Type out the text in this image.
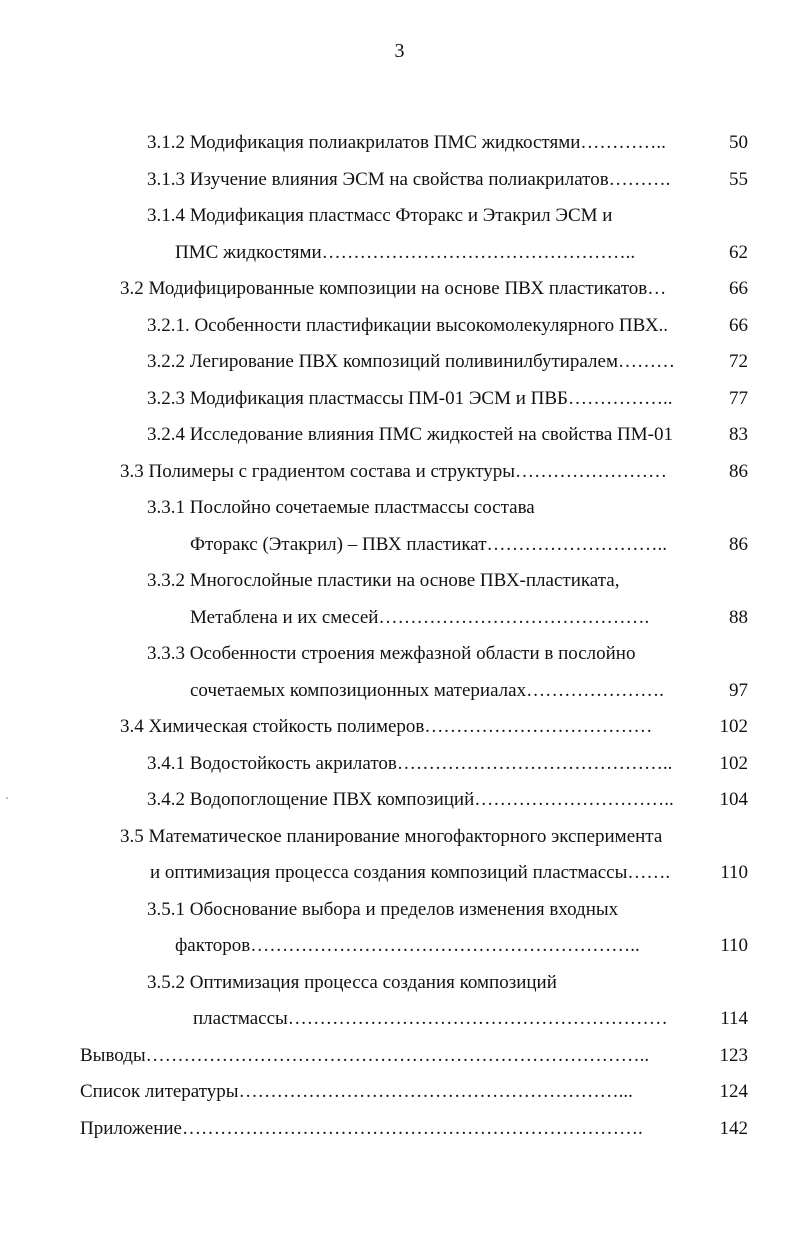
3
3.1.2 Модификация полиакрилатов ПМС жидкостями…………..	50
3.1.3 Изучение влияния ЭСМ на свойства полиакрилатов……….	55
3.1.4 Модификация пластмасс Фторакс и Этакрил ЭСМ и
ПМС жидкостями…………………………………………..	62
3.2 Модифицированные композиции на основе ПВХ пластикатов…	66
3.2.1. Особенности пластификации высокомолекулярного ПВХ..	66
3.2.2 Легирование ПВХ композиций поливинилбутиралем………	72
3.2.3 Модификация пластмассы ПМ-01 ЭСМ и ПВБ……………..	77
3.2.4 Исследование влияния ПМС жидкостей на свойства ПМ-01	83
3.3 Полимеры с градиентом состава и структуры……………………	86
3.3.1 Послойно сочетаемые пластмассы состава
Фторакс (Этакрил) – ПВХ пластикат………………………..	86
3.3.2 Многослойные пластики на основе ПВХ-пластиката,
Метаблена и их смесей…………………………………….	88
3.3.3 Особенности строения межфазной области в послойно
сочетаемых композиционных материалах………………….	97
3.4 Химическая стойкость полимеров………………………………	102
3.4.1 Водостойкость акрилатов…………………………………….. 102
3.4.2 Водопоглощение ПВХ композиций………………………….. 104
3.5 Математическое планирование многофакторного эксперимента
и оптимизация процесса создания композиций пластмассы…….	110
3.5.1 Обоснование выбора и пределов изменения входных
факторов……………………………………………………..	110
3.5.2 Оптимизация процесса создания композиций
пластмассы……………………………………………………	114
Выводы……………………………………………………………………..	123
Список литературы……………………………………………………...	124
Приложение……………………………………………………………….	142
